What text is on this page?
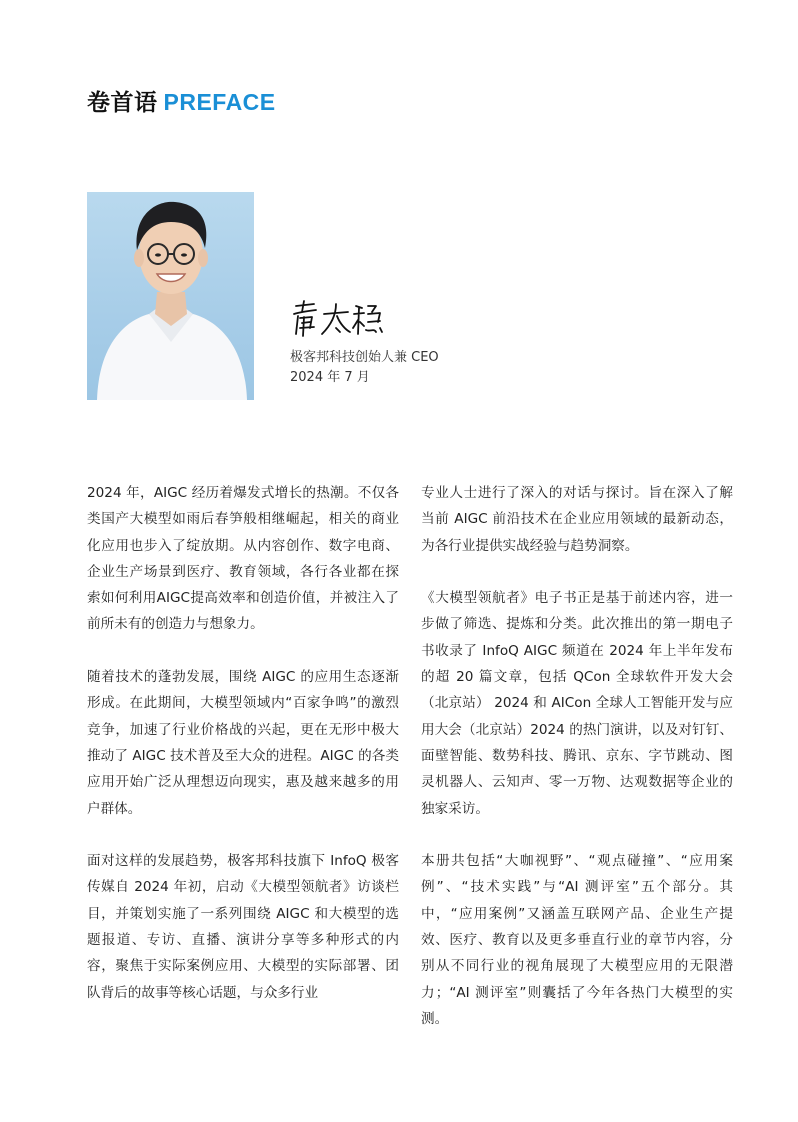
卷首语 PREFACE
极客邦科技创始人兼 CEO
2024 年 7 月

2024 年，AIGC 经历着爆发式增长的热潮。不仅各类国产大模型如雨后春笋般相继崛起，相关的商业化应用也步入了绽放期。从内容创作、数字电商、企业生产场景到医疗、教育领域，各行各业都在探索如何利用AIGC提高效率和创造价值，并被注入了前所未有的创造力与想象力。

随着技术的蓬勃发展，围绕 AIGC 的应用生态逐渐形成。在此期间，大模型领域内“百家争鸣”的激烈竞争，加速了行业价格战的兴起，更在无形中极大推动了 AIGC 技术普及至大众的进程。AIGC 的各类应用开始广泛从理想迈向现实，惠及越来越多的用户群体。

面对这样的发展趋势，极客邦科技旗下 InfoQ 极客传媒自 2024 年初，启动《大模型领航者》访谈栏目，并策划实施了一系列围绕 AIGC 和大模型的选题报道、专访、直播、演讲分享等多种形式的内容，聚焦于实际案例应用、大模型的实际部署、团队背后的故事等核心话题，与众多行业

专业人士进行了深入的对话与探讨。旨在深入了解当前 AIGC 前沿技术在企业应用领域的最新动态，为各行业提供实战经验与趋势洞察。

《大模型领航者》电子书正是基于前述内容，进一步做了筛选、提炼和分类。此次推出的第一期电子书收录了 InfoQ AIGC 频道在 2024 年上半年发布的超 20 篇文章，包括 QCon 全球软件开发大会（北京站） 2024 和 AICon 全球人工智能开发与应用大会（北京站）2024 的热门演讲，以及对钉钉、面壁智能、数势科技、腾讯、京东、字节跳动、图灵机器人、云知声、零一万物、达观数据等企业的独家采访。

本册共包括“大咖视野”、“观点碰撞”、“应用案例”、“技术实践”与“AI 测评室”五个部分。其中，“应用案例”又涵盖互联网产品、企业生产提效、医疗、教育以及更多垂直行业的章节内容，分别从不同行业的视角展现了大模型应用的无限潜力；“AI 测评室”则囊括了今年各热门大模型的实测。
